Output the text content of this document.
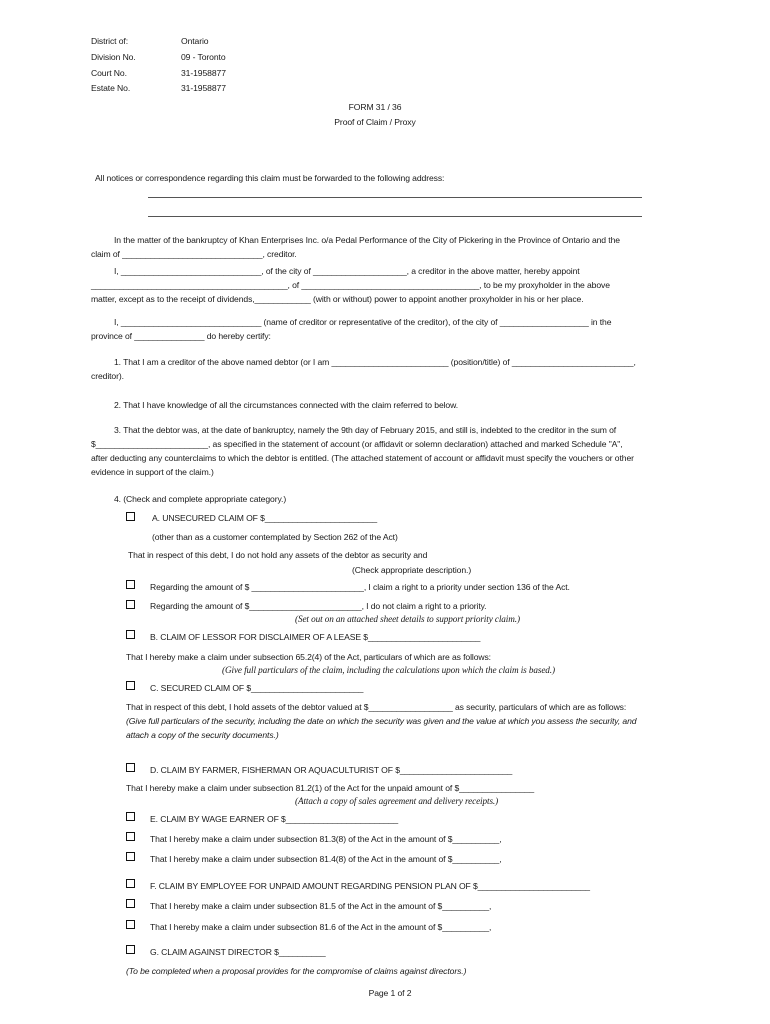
District of:	Ontario
Division No.	09 - Toronto
Court No.	31-1958877
Estate No.	31-1958877
FORM 31 / 36
Proof of Claim / Proxy
All notices or correspondence regarding this claim must be forwarded to the following address:
In the matter of the bankruptcy of Khan Enterprises Inc. o/a Pedal Performance of the City of Pickering in the Province of Ontario and the
claim of ______________________________, creditor.
I, ______________________________, of the city of ____________________, a creditor in the above matter, hereby appoint
__________________________________________, of ______________________________________, to be my proxyholder in the above
matter, except as to the receipt of dividends,____________ (with or without) power to appoint another proxyholder in his or her place.
I, ______________________________ (name of creditor or representative of the creditor), of the city of ___________________ in the
province of _______________ do hereby certify:
1. That I am a creditor of the above named debtor (or I am _________________________ (position/title) of __________________________,
creditor).
2. That I have knowledge of all the circumstances connected with the claim referred to below.
3. That the debtor was, at the date of bankruptcy, namely the 9th day of February 2015, and still is, indebted to the creditor in the sum of
$________________________, as specified in the statement of account (or affidavit or solemn declaration) attached and marked Schedule "A",
after deducting any counterclaims to which the debtor is entitled. (The attached statement of account or affidavit must specify the vouchers or other
evidence in support of the claim.)
4. (Check and complete appropriate category.)
A. UNSECURED CLAIM OF $________________________
(other than as a customer contemplated by Section 262 of the Act)
That in respect of this debt, I do not hold any assets of the debtor as security and
(Check appropriate description.)
Regarding the amount of $ ________________________, I claim a right to a priority under section 136 of the Act.
Regarding the amount of $________________________, I do not claim a right to a priority.
(Set out on an attached sheet details to support priority claim.)
B. CLAIM OF LESSOR FOR DISCLAIMER OF A LEASE $________________________
That I hereby make a claim under subsection 65.2(4) of the Act, particulars of which are as follows:
(Give full particulars of the claim, including the calculations upon which the claim is based.)
C. SECURED CLAIM OF $________________________
That in respect of this debt, I hold assets of the debtor valued at $__________________ as security, particulars of which are as follows:
(Give full particulars of the security, including the date on which the security was given and the value at which you assess the security, and
attach a copy of the security documents.)
D. CLAIM BY FARMER, FISHERMAN OR AQUACULTURIST OF $________________________
That I hereby make a claim under subsection 81.2(1) of the Act for the unpaid amount of $________________
(Attach a copy of sales agreement and delivery receipts.)
E. CLAIM BY WAGE EARNER OF $________________________
That I hereby make a claim under subsection 81.3(8) of the Act in the amount of $__________,
That I hereby make a claim under subsection 81.4(8) of the Act in the amount of $__________,
F. CLAIM BY EMPLOYEE FOR UNPAID AMOUNT REGARDING PENSION PLAN OF $________________________
That I hereby make a claim under subsection 81.5 of the Act in the amount of $__________,
That I hereby make a claim under subsection 81.6 of the Act in the amount of $__________,
G. CLAIM AGAINST DIRECTOR $__________
(To be completed when a proposal provides for the compromise of claims against directors.)
Page 1 of 2
